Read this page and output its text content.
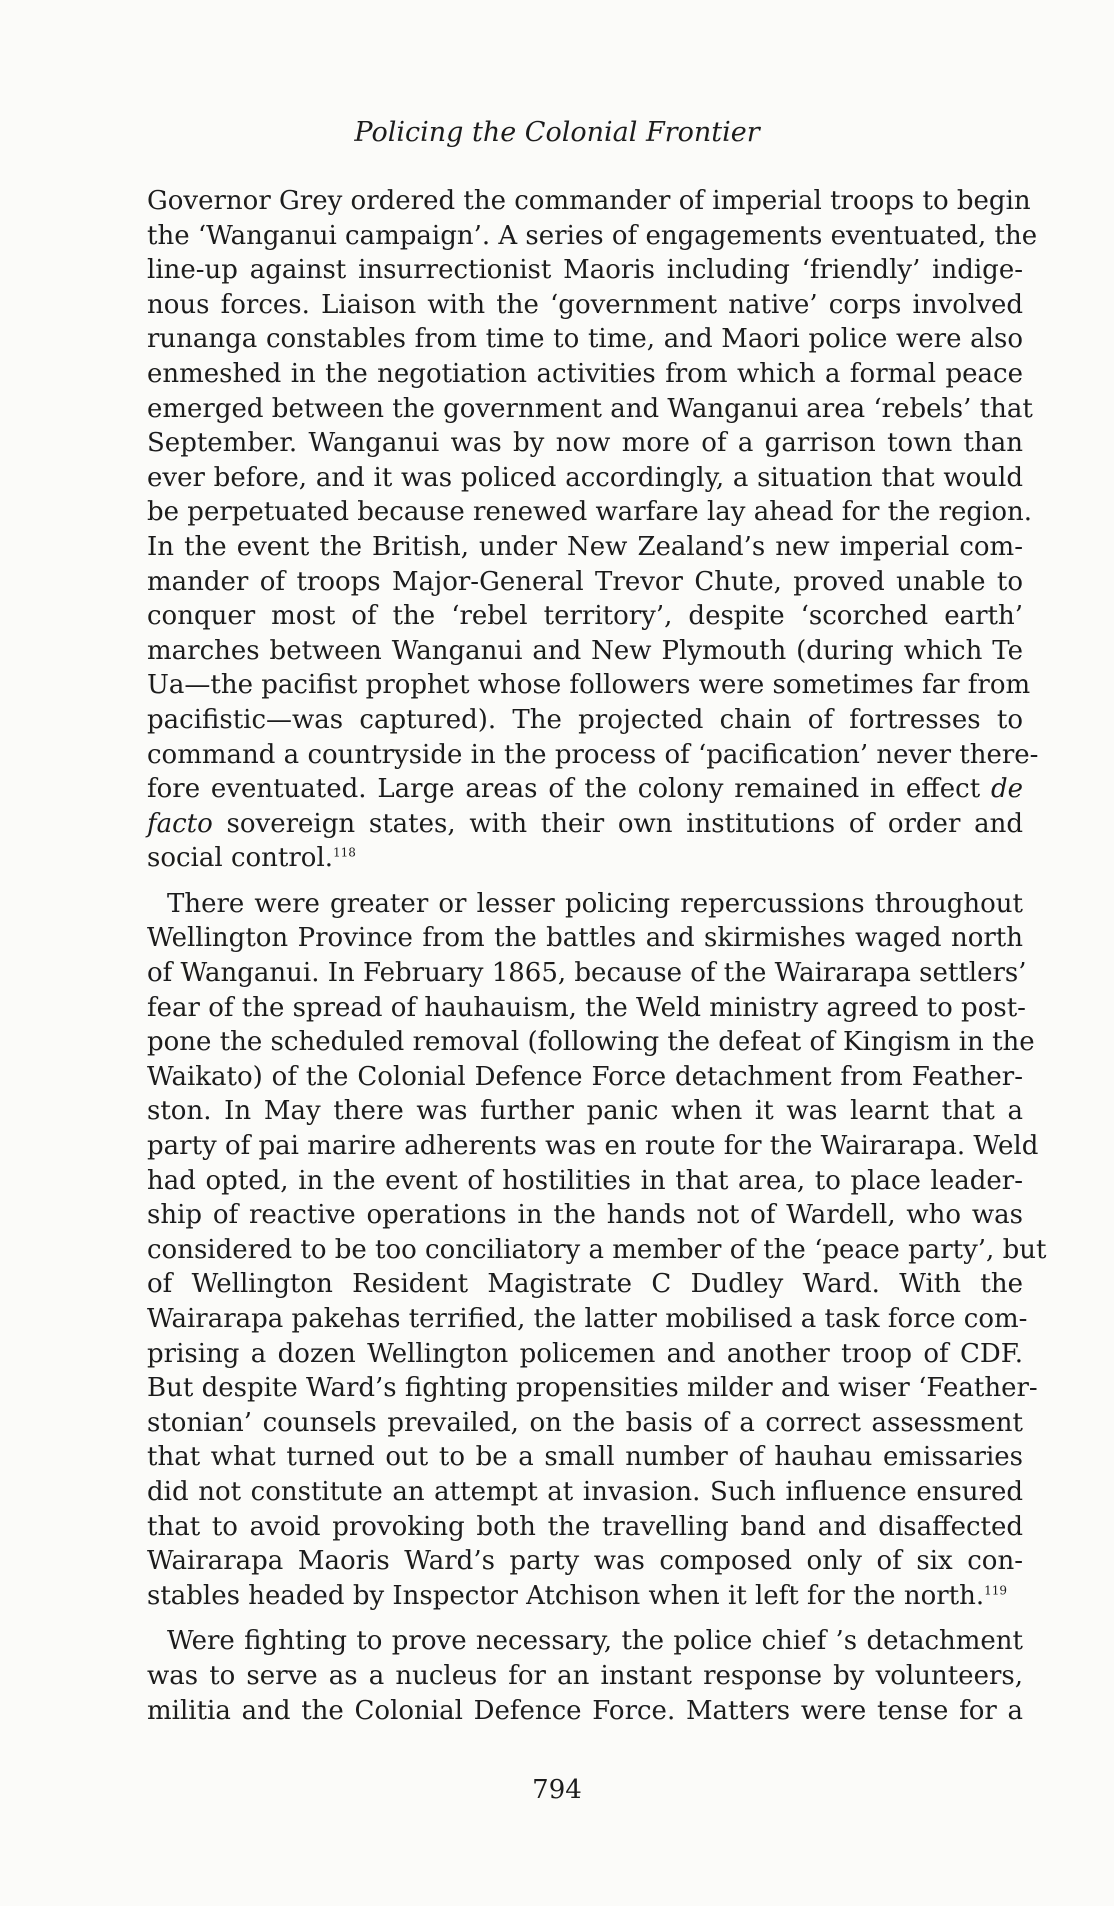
Policing the Colonial Frontier
Governor Grey ordered the commander of imperial troops to begin
the ‘Wanganui campaign’. A series of engagements eventuated, the
line-up against insurrectionist Maoris including ‘friendly’ indige-
nous forces. Liaison with the ‘government native’ corps involved
runanga constables from time to time, and Maori police were also
enmeshed in the negotiation activities from which a formal peace
emerged between the government and Wanganui area ‘rebels’ that
September. Wanganui was by now more of a garrison town than
ever before, and it was policed accordingly, a situation that would
be perpetuated because renewed warfare lay ahead for the region.
In the event the British, under New Zealand’s new imperial com-
mander of troops Major-General Trevor Chute, proved unable to
conquer most of the ‘rebel territory’, despite ‘scorched earth’
marches between Wanganui and New Plymouth (during which Te
Ua—the pacifist prophet whose followers were sometimes far from
pacifistic—was captured). The projected chain of fortresses to
command a countryside in the process of ‘pacification’ never there-
fore eventuated. Large areas of the colony remained in effect de
facto sovereign states, with their own institutions of order and
social control.$^{118}$
There were greater or lesser policing repercussions throughout
Wellington Province from the battles and skirmishes waged north
of Wanganui. In February 1865, because of the Wairarapa settlers’
fear of the spread of hauhauism, the Weld ministry agreed to post-
pone the scheduled removal (following the defeat of Kingism in the
Waikato) of the Colonial Defence Force detachment from Feather-
ston. In May there was further panic when it was learnt that a
party of pai marire adherents was en route for the Wairarapa. Weld
had opted, in the event of hostilities in that area, to place leader-
ship of reactive operations in the hands not of Wardell, who was
considered to be too conciliatory a member of the ‘peace party’, but
of Wellington Resident Magistrate C Dudley Ward. With the
Wairarapa pakehas terrified, the latter mobilised a task force com-
prising a dozen Wellington policemen and another troop of CDF.
But despite Ward’s fighting propensities milder and wiser ‘Feather-
stonian’ counsels prevailed, on the basis of a correct assessment
that what turned out to be a small number of hauhau emissaries
did not constitute an attempt at invasion. Such influence ensured
that to avoid provoking both the travelling band and disaffected
Wairarapa Maoris Ward’s party was composed only of six con-
stables headed by Inspector Atchison when it left for the north.$^{119}$
Were fighting to prove necessary, the police chief ’s detachment
was to serve as a nucleus for an instant response by volunteers,
militia and the Colonial Defence Force. Matters were tense for a
794
